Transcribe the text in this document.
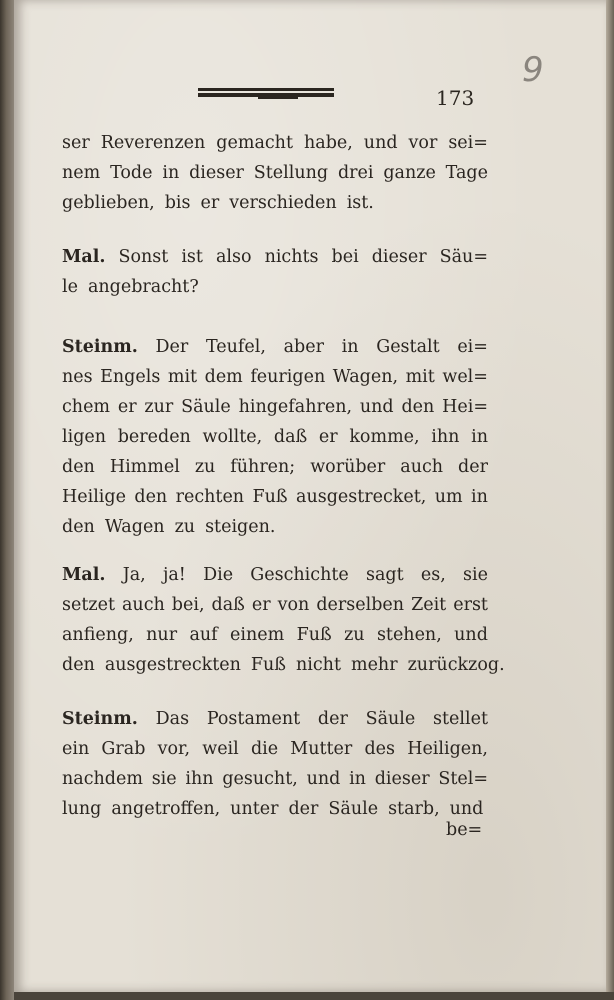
173
9
ser Reverenzen gemacht habe, und vor sei=
nem Tode in dieser Stellung drei ganze Tage
geblieben, bis er verschieden ist.
Mal. Sonst ist also nichts bei dieser Säu=
le angebracht?
Steinm. Der Teufel, aber in Gestalt ei=
nes Engels mit dem feurigen Wagen, mit wel=
chem er zur Säule hingefahren, und den Hei=
ligen bereden wollte, daß er komme, ihn in
den Himmel zu führen; worüber auch der
Heilige den rechten Fuß ausgestrecket, um in
den Wagen zu steigen.
Mal. Ja, ja! Die Geschichte sagt es, sie
setzet auch bei, daß er von derselben Zeit erst
anfieng, nur auf einem Fuß zu stehen, und
den ausgestreckten Fuß nicht mehr zurückzog.
Steinm. Das Postament der Säule stellet
ein Grab vor, weil die Mutter des Heiligen,
nachdem sie ihn gesucht, und in dieser Stel=
lung angetroffen, unter der Säule starb, und
be=
